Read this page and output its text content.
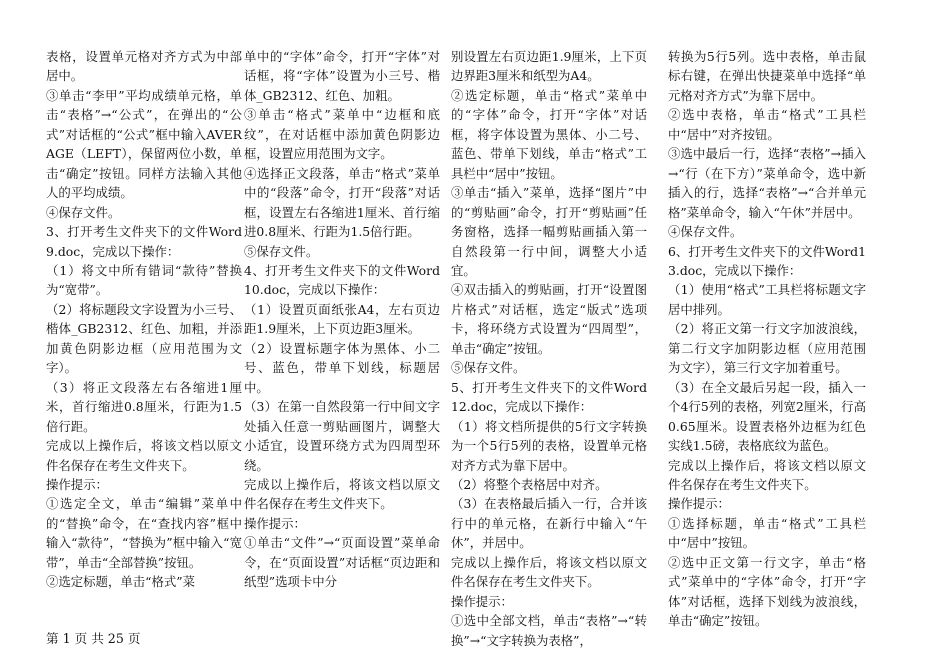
表格，设置单元格对齐方式为中部居中。

③单击“李甲”平均成绩单元格，单击“表格”→“公式”，在弹出的“公式”对话框的“公式”框中输入AVERAGE（LEFT），保留两位小数，单击“确定”按钮。同样方法输入其他人的平均成绩。

④保存文件。

3、打开考生文件夹下的文件Word9.doc，完成以下操作：

（1）将文中所有错词“款待”替换为“宽带”。

（2）将标题段文字设置为小三号、楷体_GB2312、红色、加粗，并添加黄色阴影边框（应用范围为文字）。

（3）将正文段落左右各缩进1厘米，首行缩进0.8厘米，行距为1.5倍行距。

完成以上操作后，将该文档以原文件名保存在考生文件夹下。

操作提示：

①选定全文，单击“编辑”菜单中的“替换”命令，在“查找内容”框中输入“款待”，“替换为”框中输入“宽带”，单击“全部替换”按钮。

②选定标题，单击“格式”菜

单中的“字体”命令，打开“字体”对话框，将“字体”设置为小三号、楷体_GB2312、红色、加粗。

③单击“格式”菜单中“边框和底纹”，在对话框中添加黄色阴影边框，设置应用范围为文字。

④选择正文段落，单击“格式”菜单中的“段落”命令，打开“段落”对话框，设置左右各缩进1厘米、首行缩进0.8厘米、行距为1.5倍行距。

⑤保存文件。

4、打开考生文件夹下的文件Word10.doc，完成以下操作：

（1）设置页面纸张A4，左右页边距1.9厘米，上下页边距3厘米。

（2）设置标题字体为黑体、小二号、蓝色，带单下划线，标题居中。

（3）在第一自然段第一行中间文字处插入任意一剪贴画图片，调整大小适宜，设置环绕方式为四周型环绕。

完成以上操作后，将该文档以原文件名保存在考生文件夹下。

操作提示：

①单击“文件”→“页面设置”菜单命令，在“页面设置”对话框“页边距和纸型”选项卡中分

别设置左右页边距1.9厘米，上下页边界距3厘米和纸型为A4。

②选定标题，单击“格式”菜单中的“字体”命令，打开“字体”对话框，将字体设置为黑体、小二号、蓝色、带单下划线，单击“格式”工具栏中“居中”按钮。

③单击“插入”菜单，选择“图片”中的“剪贴画”命令，打开“剪贴画”任务窗格，选择一幅剪贴画插入第一自然段第一行中间，调整大小适宜。

④双击插入的剪贴画，打开“设置图片格式”对话框，选定“版式”选项卡，将环绕方式设置为“四周型”，单击“确定”按钮。

⑤保存文件。

5、打开考生文件夹下的文件Word12.doc，完成以下操作：

（1）将文档所提供的5行文字转换为一个5行5列的表格，设置单元格对齐方式为靠下居中。

（2）将整个表格居中对齐。

（3）在表格最后插入一行，合并该行中的单元格，在新行中输入“午休”，并居中。

完成以上操作后，将该文档以原文件名保存在考生文件夹下。

操作提示：

①选中全部文档，单击“表格”→“转换”→“文字转换为表格”，

转换为5行5列。选中表格，单击鼠标右键，在弹出快捷菜单中选择“单元格对齐方式”为靠下居中。

②选中表格，单击“格式”工具栏中“居中”对齐按钮。

③选中最后一行，选择“表格”→插入→“行（在下方）”菜单命令，选中新插入的行，选择“表格”→“合并单元格”菜单命令，输入“午休”并居中。

④保存文件。

6、打开考生文件夹下的文件Word13.doc，完成以下操作：

（1）使用“格式”工具栏将标题文字居中排列。

（2）将正文第一行文字加波浪线，第二行文字加阴影边框（应用范围为文字），第三行文字加着重号。

（3）在全文最后另起一段，插入一个4行5列的表格，列宽2厘米，行高0.65厘米。设置表格外边框为红色实线1.5磅，表格底纹为蓝色。

完成以上操作后，将该文档以原文件名保存在考生文件夹下。

操作提示：

①选择标题，单击“格式”工具栏中“居中”按钮。

②选中正文第一行文字，单击“格式”菜单中的“字体”命令，打开“字体”对话框，选择下划线为波浪线，单击“确定”按钮。

第 1 页 共 25 页
